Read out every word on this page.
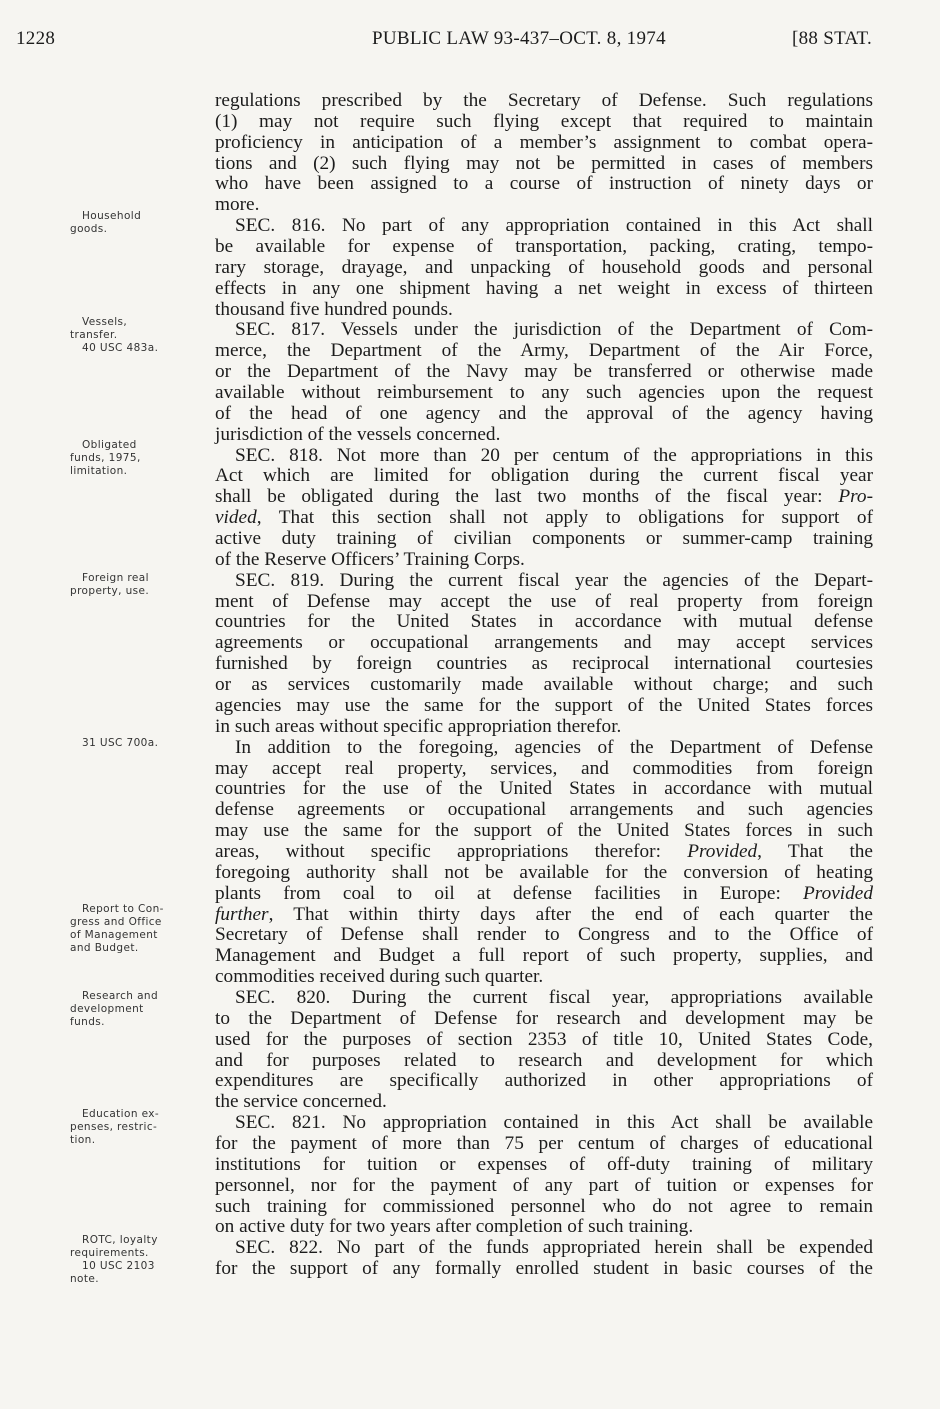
1228	PUBLIC LAW 93-437–OCT. 8, 1974	[88 STAT.
Household
goods.
Vessels,
transfer.
40 USC 483a.
Obligated
funds, 1975,
limitation.
Foreign real
property, use.
31 USC 700a.
Report to Con-
gress and Office
of Management
and Budget.
Research and
development
funds.
Education ex-
penses, restric-
tion.
ROTC, loyalty
requirements.
10 USC 2103
note.
regulations prescribed by the Secretary of Defense. Such regulations
(1) may not require such flying except that required to maintain
proficiency in anticipation of a member’s assignment to combat opera-
tions and (2) such flying may not be permitted in cases of members
who have been assigned to a course of instruction of ninety days or
more.
SEC. 816. No part of any appropriation contained in this Act shall
be available for expense of transportation, packing, crating, tempo-
rary storage, drayage, and unpacking of household goods and personal
effects in any one shipment having a net weight in excess of thirteen
thousand five hundred pounds.
SEC. 817. Vessels under the jurisdiction of the Department of Com-
merce, the Department of the Army, Department of the Air Force,
or the Department of the Navy may be transferred or otherwise made
available without reimbursement to any such agencies upon the request
of the head of one agency and the approval of the agency having
jurisdiction of the vessels concerned.
SEC. 818. Not more than 20 per centum of the appropriations in this
Act which are limited for obligation during the current fiscal year
shall be obligated during the last two months of the fiscal year: Pro-
vided, That this section shall not apply to obligations for support of
active duty training of civilian components or summer-camp training
of the Reserve Officers’ Training Corps.
SEC. 819. During the current fiscal year the agencies of the Depart-
ment of Defense may accept the use of real property from foreign
countries for the United States in accordance with mutual defense
agreements or occupational arrangements and may accept services
furnished by foreign countries as reciprocal international courtesies
or as services customarily made available without charge; and such
agencies may use the same for the support of the United States forces
in such areas without specific appropriation therefor.
In addition to the foregoing, agencies of the Department of Defense
may accept real property, services, and commodities from foreign
countries for the use of the United States in accordance with mutual
defense agreements or occupational arrangements and such agencies
may use the same for the support of the United States forces in such
areas, without specific appropriations therefor: Provided, That the
foregoing authority shall not be available for the conversion of heating
plants from coal to oil at defense facilities in Europe: Provided
further, That within thirty days after the end of each quarter the
Secretary of Defense shall render to Congress and to the Office of
Management and Budget a full report of such property, supplies, and
commodities received during such quarter.
SEC. 820. During the current fiscal year, appropriations available
to the Department of Defense for research and development may be
used for the purposes of section 2353 of title 10, United States Code,
and for purposes related to research and development for which
expenditures are specifically authorized in other appropriations of
the service concerned.
SEC. 821. No appropriation contained in this Act shall be available
for the payment of more than 75 per centum of charges of educational
institutions for tuition or expenses of off-duty training of military
personnel, nor for the payment of any part of tuition or expenses for
such training for commissioned personnel who do not agree to remain
on active duty for two years after completion of such training.
SEC. 822. No part of the funds appropriated herein shall be expended
for the support of any formally enrolled student in basic courses of the
